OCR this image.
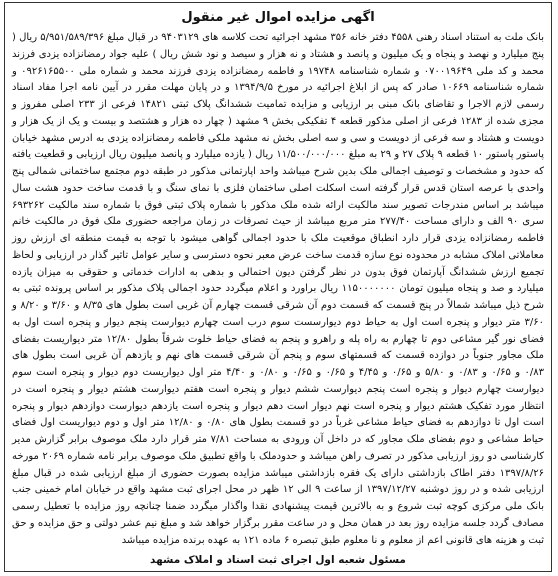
اگهی مزایده اموال غیر منقول
بانک ملت به استناد اسناد رهنی ۴۵۵۸ دفتر خانه ۳۵۶ مشهد اجرائیه تحت کلاسه های ۹۴۰۳۱۲۹ در قبال مبلغ ۵/۹۵۱/۵۸۹/۳۹۶ ریال ( پنج میلیارد و نهصد و پنجاه و یک میلیون و پانصد و هشتاد و نه هزار و سیصد و نود شش ریال ) علیه جواد رمضانزاده یزدی فرزند محمد و کد ملی ۰۷۰۰۱۹۶۴۹ و شماره شناسنامه ۱۹۷۴۸ و فاطمه رمضانزاده یزدی فرزند محمد و شماره ملی ۰۹۲۶۱۶۵۵۰۰ و شماره شناسنامه ۱۰۶۶۹ صادر که پس از ابلاغ اجرائیه در مورخ ۱۳۹۴/۹/۵ و در پایان مهلت مقرر در آیین نامه اجرا مفاد اسناد رسمی لازم الاجرا و تقاضای بانک مبنی بر ارزیابی و مزایده تمامیت ششدانگ پلاک ثبتی ۱۴۸۲۱ فرعی از ۲۳۳ اصلی مفروز و مجزی شده از ۱۲۸۳ فرعی از اصلی مذکور قطعه ۴ تفکیکی بخش ۹ مشهد ( چهار ده هزار و هشتصد و بیست و یک از یک هزار و دویست و هشتاد و سه فرعی از دویست و سی و سه اصلی بخش نه مشهد ملکی فاطمه رمضانزاده یزدی به ادرس مشهد خیابان پاستور پاستور ۱۰ قطعه ۹ پلاک ۲۷ و ۲۹ به مبلغ ۱۱/۵۰۰/۰۰۰/۰۰۰ ریال ( یازده میلیارد و پانصد میلیون ریال ارزیابی و قطعیت یافته که حدود و مشخصات و توصیف اجمالی ملک بدین شرح میباشد واحد اپارتمانی مذکور در طبقه دوم مجتمع ساختمانی شمالی پنج واحدی با عرصه استان قدس قرار گرفته است اسکلت اصلی ساختمان فلزی با نمای سنگ و با قدمت ساخت حدود هشت سال میباشد بر اساس مندرجات تصویر سند مالکیت ارائه شده ملک مذکور با شماره پلاک ثبتی فوق با شماره سند مالکیت ۶۹۳۲۶۲ سری ۹۰ الف و دارای مساحت ۲۷۷/۴۰ متر مربع میباشد از حیث تصرفات در زمان مراجعه حضوری ملک فوق در مالکیت خانم فاطمه رمضانزاده یزدی قرار دارد انطباق موقعیت ملک با حدود اجمالی گواهی میشود با توجه به قیمت منطقه ای ارزش روز معاملاتی املاک مشابه در محدوده نوع سازه قدمت ساخت عرض معبر نحوه دسترسی و سایر عوامل تاثیر گذار در ارزیابی و لحاظ تجمیع ارزش ششدانگ آپارتمان فوق بدون در نظر گرفتن دیون احتمالی و بدهی به ادارات خدماتی و حقوقی به میزان یازده میلیارد و صد و پنجاه میلیون تومان ۱۱۵۰۰۰۰۰۰۰ ریال براورد و اعلام میگردد حدود اجمالی پلاک مذکور بر اساس پرونده ثبتی به شرح ذیل میباشد شمالاً در پنج قسمت که قسمت دوم آن شرقی قسمت چهارم آن غربی است بطول های ۸/۳۵ و ۳/۶۰ و ۸/۲۰ و ۳/۶۰ متر دیوار و پنجره است اول به حیاط دوم دیوارسست سوم درب است چهارم دیوارست پنجم دیوار و پنجره است اول به فضای نور گیر مشاعی دوم تا چهارم به راه پله و راهرو و پنجم به فضای حیاط خلوت شرقاً بطول ۱۲/۸۰ متر دیواریست بفضای ملک مجاور جنوباً در دوازده قسمت که قسمتهای سوم و پنجم آن شرقی قسمت های نهم و یازدهم آن غربی است بطول های ۰/۸۳ و ۰/۶۵ و ۰/۸۳ و ۵/۸۰ و ۰/۶۵ و ۴/۴۵ و ۰/۶۵ و ۰/۶۵ و ۰/۸۰ و ۴/۴۰ متر اول دیواریست دوم دیوار و پنجره است سوم دیوارست چهارم دیوار و پنجره است پنجم دیوارست ششم دیوار و پنجره است هفتم دیوارست هشتم دیوار و پنجره است در انتظار مورد تفکیک هشتم دیوار و پنجره است نهم دیوار است دهم دیوار و پنجره است یازدهم دیوارست دوازدهم دیوار و پنجره است اول تا دوازدهم به فضای حیاط مشاعی غرباً در دو قسمت بطول های ۰/۸۰ و ۱۲/۸۰ متر اول و دوم دیواریست اول فضای حیاط مشاعی و دوم بفضای ملک مجاور که در داخل آن ورودی به مساحت ۷/۸۱ متر قرار دارد ملک موصوف برابر گزارش مدیر کارشناسی دو روز ارزیابی مذکور در تصرف راهن میباشد و حدودملک با واقع تطبیق ملک موصوف برابر نامه شماره ۲۰۶۹ مورخه ۱۳۹۷/۸/۲۶ دفتر اطاک بازداشتی دارای یک فقره بازداشتی میباشد مزایده بصورت حضوری از مبلغ ارزیابی شده در قبال مبلغ ارزیابی شده و در روز دوشنبه ۱۳۹۷/۱۲/۲۷ از ساعت ۹ الی ۱۲ ظهر در محل اجرای ثبت مشهد واقع در خیابان امام خمینی جنب بانک ملی مرکزی کوچه ثبت شروع و به بالاترین قیمت پیشنهادی نقدا واگذار میگردد ضمنا چنانچه روز مزایده با تعطیل رسمی مصادف گردد جلسه مزایده روز بعد در همان محل و در ساعت مقرر برگزار خواهد شد و مبلغ نیم عشر دولتی و حق مزایده و حق ثبت و هزینه های قانونی اعم از معلوم و نا معلوم طبق تبصره ۶ ماده ۱۲۱ به عهده برنده مزایده میباشد
مسئول شعبه اول اجرای ثبت اسناد و املاک مشهد
